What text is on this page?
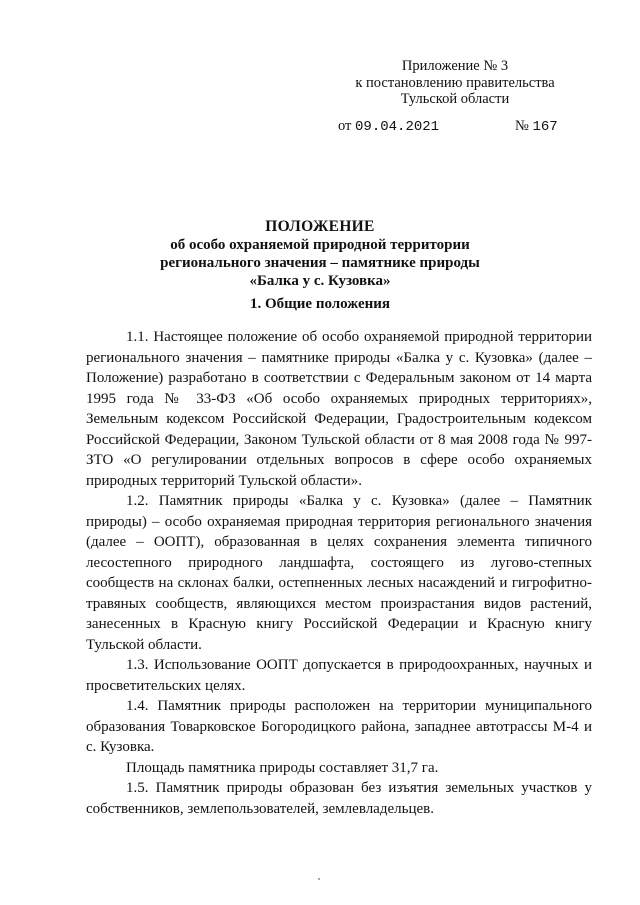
Приложение № 3
к постановлению правительства
Тульской области
от 09.04.2021	№ 167
ПОЛОЖЕНИЕ
об особо охраняемой природной территории
регионального значения – памятнике природы
«Балка у с. Кузовка»
1. Общие положения

1.1. Настоящее положение об особо охраняемой природной территории регионального значения – памятнике природы «Балка у с. Кузовка» (далее – Положение) разработано в соответствии с Федеральным законом от 14 марта 1995 года № 33-ФЗ «Об особо охраняемых природных территориях», Земельным кодексом Российской Федерации, Градостроительным кодексом Российской Федерации, Законом Тульской области от 8 мая 2008 года № 997-ЗТО «О регулировании отдельных вопросов в сфере особо охраняемых природных территорий Тульской области».

1.2. Памятник природы «Балка у с. Кузовка» (далее – Памятник природы) – особо охраняемая природная территория регионального значения (далее – ООПТ), образованная в целях сохранения элемента типичного лесостепного природного ландшафта, состоящего из лугово-степных сообществ на склонах балки, остепненных лесных насаждений и гигрофитно-травяных сообществ, являющихся местом произрастания видов растений, занесенных в Красную книгу Российской Федерации и Красную книгу Тульской области.

1.3. Использование ООПТ допускается в природоохранных, научных и просветительских целях.

1.4. Памятник природы расположен на территории муниципального образования Товарковское Богородицкого района, западнее автотрассы М-4 и с. Кузовка.

Площадь памятника природы составляет 31,7 га.

1.5. Памятник природы образован без изъятия земельных участков у собственников, землепользователей, землевладельцев.
